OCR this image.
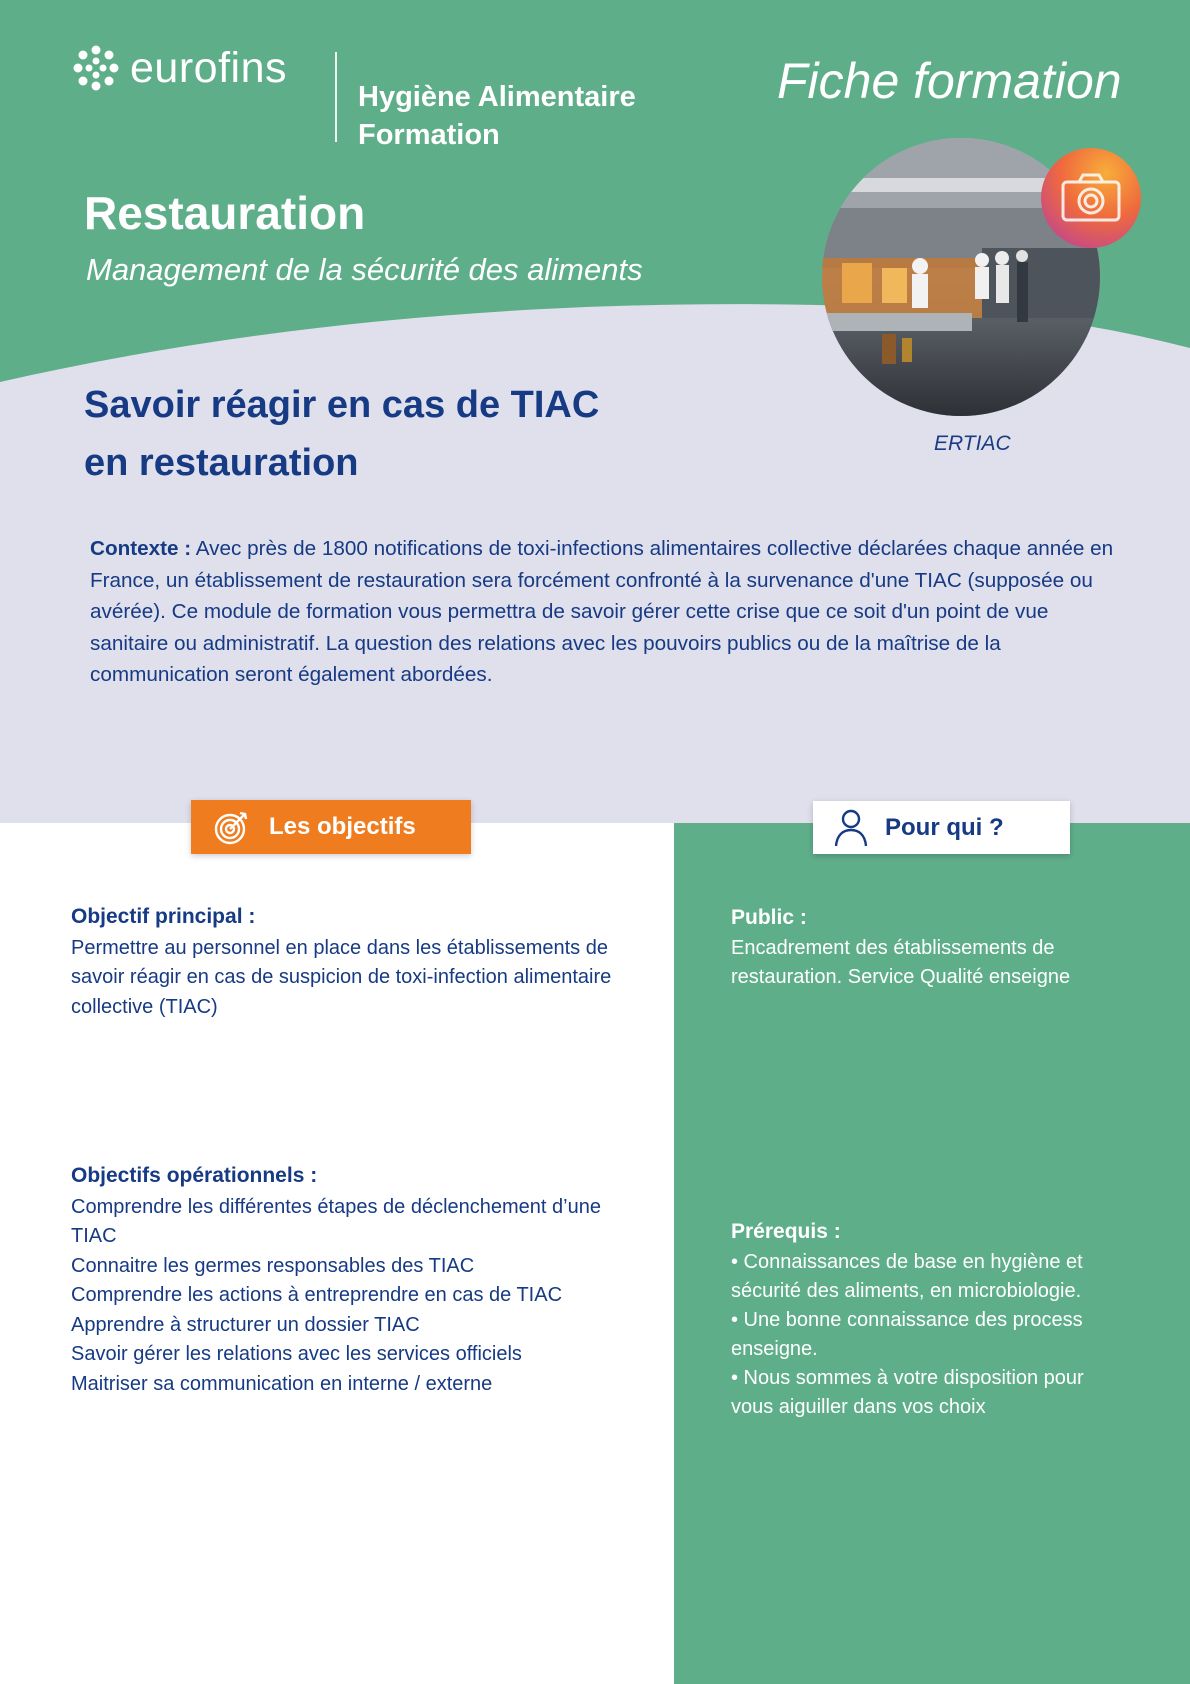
eurofins
Hygiène Alimentaire
Formation
Fiche formation
Restauration
Management de la sécurité des aliments
ERTIAC
Savoir réagir en cas de TIAC
en restauration
Contexte : Avec près de 1800 notifications de toxi-infections alimentaires collective déclarées chaque année en France, un établissement de restauration sera forcément confronté à la survenance d'une TIAC (supposée ou avérée). Ce module de formation vous permettra de savoir gérer cette crise que ce soit d'un point de vue sanitaire ou administratif. La question des relations avec les pouvoirs publics ou de la maîtrise de la communication seront également abordées.
Les objectifs	Pour qui ?
Objectif principal :

Permettre au personnel en place dans les établissements de savoir réagir en cas de suspicion de toxi-infection alimentaire collective (TIAC)

Objectifs opérationnels :
Comprendre les différentes étapes de déclenchement d’une TIAC
Connaitre les germes responsables des TIAC
Comprendre les actions à entreprendre en cas de TIAC
Apprendre à structurer un dossier TIAC
Savoir gérer les relations avec les services officiels
Maitriser sa communication en interne / externe
Public :

Encadrement des établissements de restauration. Service Qualité enseigne

Prérequis :
• Connaissances de base en hygiène et sécurité des aliments, en microbiologie.
• Une bonne connaissance des process enseigne.
• Nous sommes à votre disposition pour vous aiguiller dans vos choix
